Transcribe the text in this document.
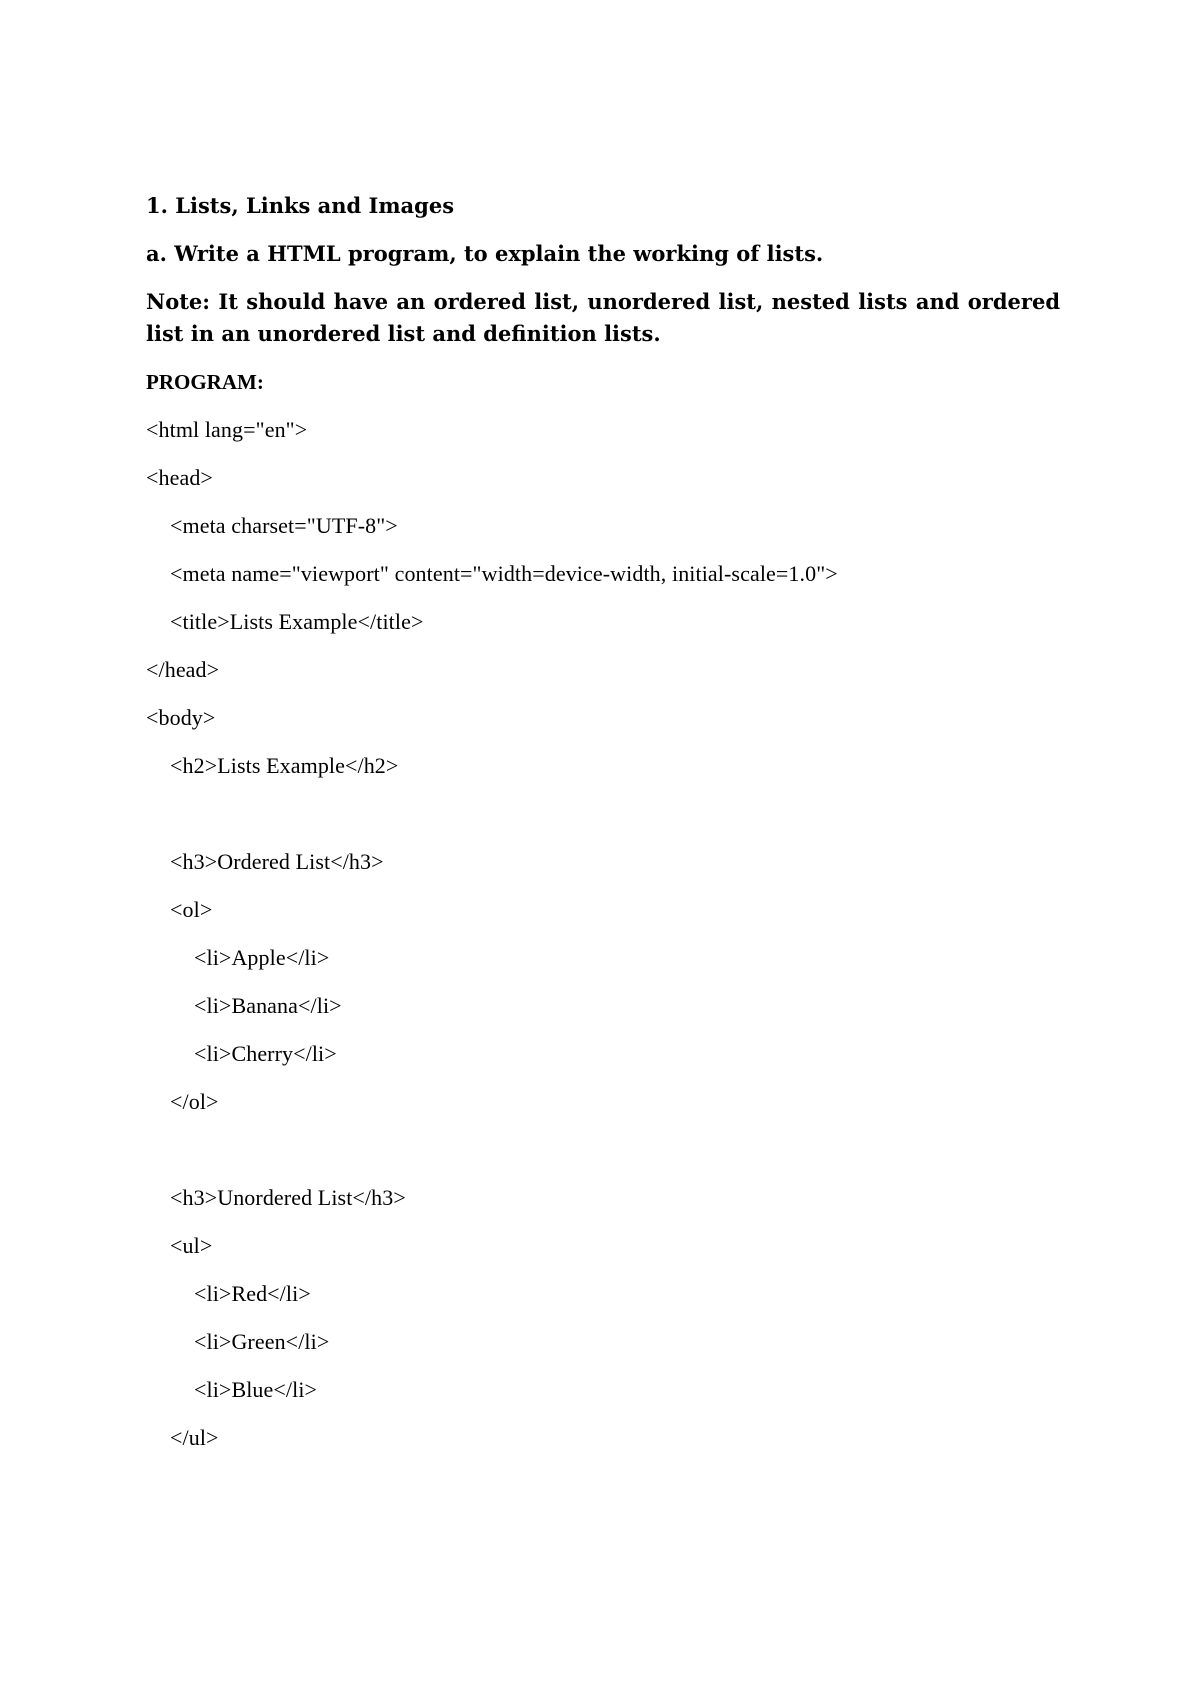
1. Lists, Links and Images

a. Write a HTML program, to explain the working of lists.

Note: It should have an ordered list, unordered list, nested lists and ordered list in an unordered list and definition lists.

PROGRAM:

<html lang="en">
<head>
<meta charset="UTF-8">
<meta name="viewport" content="width=device-width, initial-scale=1.0">
<title>Lists Example</title>
</head>
<body>
<h2>Lists Example</h2>
<h3>Ordered List</h3>
<ol>
<li>Apple</li>
<li>Banana</li>
<li>Cherry</li>
</ol>
<h3>Unordered List</h3>
<ul>
<li>Red</li>
<li>Green</li>
<li>Blue</li>
</ul>
